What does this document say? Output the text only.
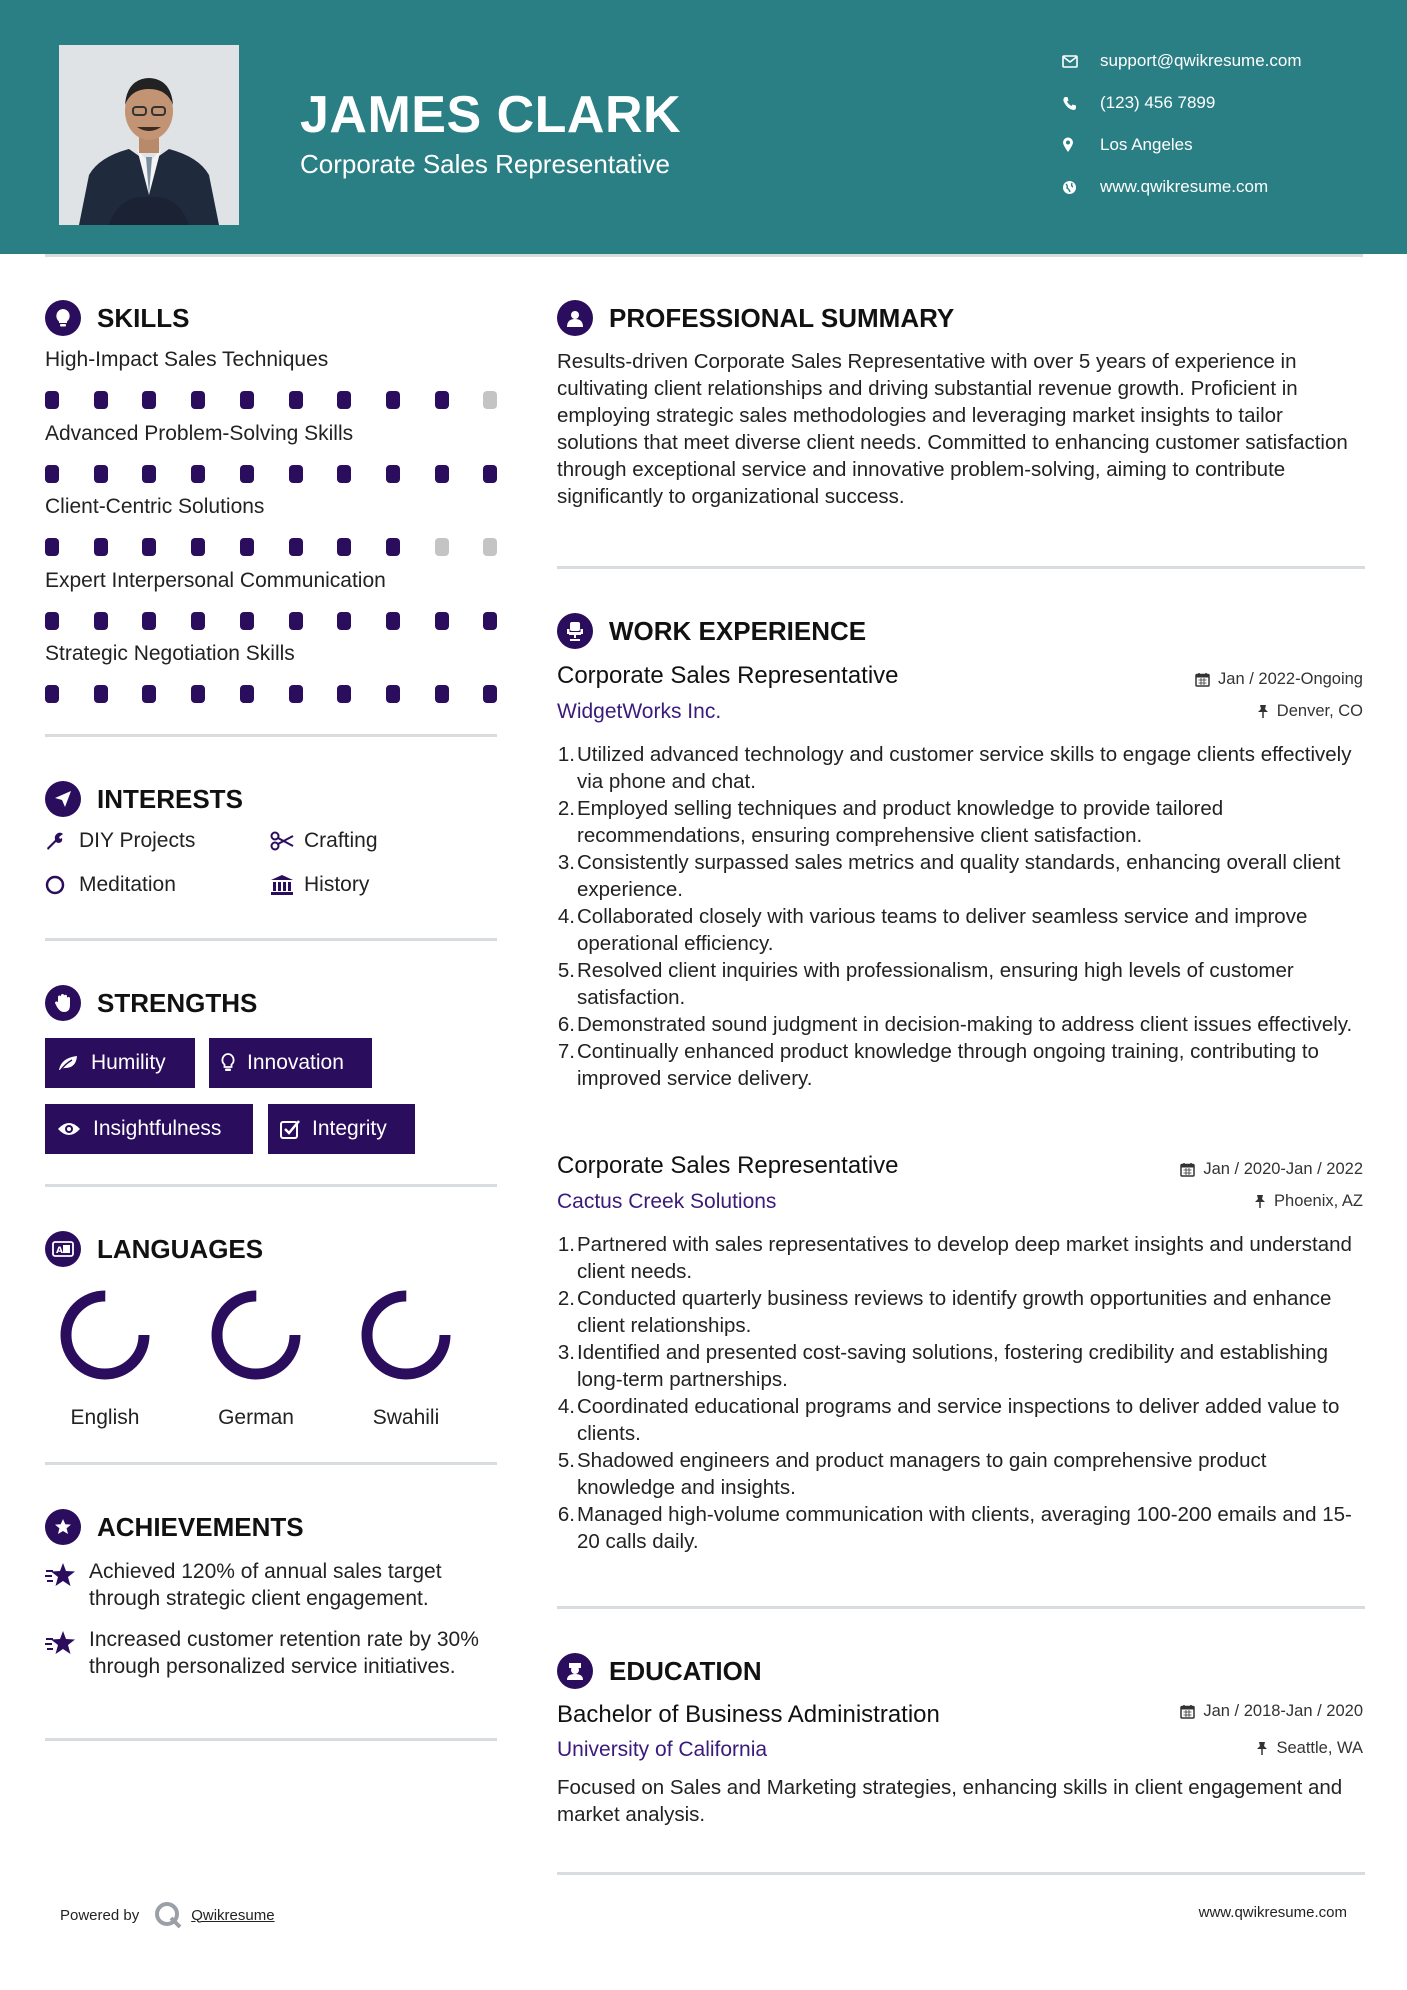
JAMES CLARK
Corporate Sales Representative
support@qwikresume.com
(123) 456 7899
Los Angeles
www.qwikresume.com
SKILLS
High-Impact Sales Techniques
Advanced Problem-Solving Skills
Client-Centric Solutions
Expert Interpersonal Communication
Strategic Negotiation Skills
INTERESTS
DIY Projects	Crafting
Meditation	History
STRENGTHS
Humility	Innovation
Insightfulness	Integrity
A LANGUAGES
English	German	Swahili
ACHIEVEMENTS
Achieved 120% of annual sales target through strategic client engagement.
Increased customer retention rate by 30% through personalized service initiatives.
PROFESSIONAL SUMMARY
Results-driven Corporate Sales Representative with over 5 years of experience in cultivating client relationships and driving substantial revenue growth. Proficient in employing strategic sales methodologies and leveraging market insights to tailor solutions that meet diverse client needs. Committed to enhancing customer satisfaction through exceptional service and innovative problem-solving, aiming to contribute significantly to organizational success.
WORK EXPERIENCE
Corporate Sales Representative	Jan / 2022-Ongoing
WidgetWorks Inc.	Denver, CO
1. Utilized advanced technology and customer service skills to engage clients effectively via phone and chat.
2. Employed selling techniques and product knowledge to provide tailored recommendations, ensuring comprehensive client satisfaction.
3. Consistently surpassed sales metrics and quality standards, enhancing overall client experience.
4. Collaborated closely with various teams to deliver seamless service and improve operational efficiency.
5. Resolved client inquiries with professionalism, ensuring high levels of customer satisfaction.
6. Demonstrated sound judgment in decision-making to address client issues effectively.
7. Continually enhanced product knowledge through ongoing training, contributing to improved service delivery.
Corporate Sales Representative	Jan / 2020-Jan / 2022
Cactus Creek Solutions	Phoenix, AZ
1. Partnered with sales representatives to develop deep market insights and understand client needs.
2. Conducted quarterly business reviews to identify growth opportunities and enhance client relationships.
3. Identified and presented cost-saving solutions, fostering credibility and establishing long-term partnerships.
4. Coordinated educational programs and service inspections to deliver added value to clients.
5. Shadowed engineers and product managers to gain comprehensive product knowledge and insights.
6. Managed high-volume communication with clients, averaging 100-200 emails and 15-20 calls daily.
EDUCATION
Bachelor of Business Administration	Jan / 2018-Jan / 2020
University of California	Seattle, WA
Focused on Sales and Marketing strategies, enhancing skills in client engagement and market analysis.
Powered by	Qwikresume	www.qwikresume.com
